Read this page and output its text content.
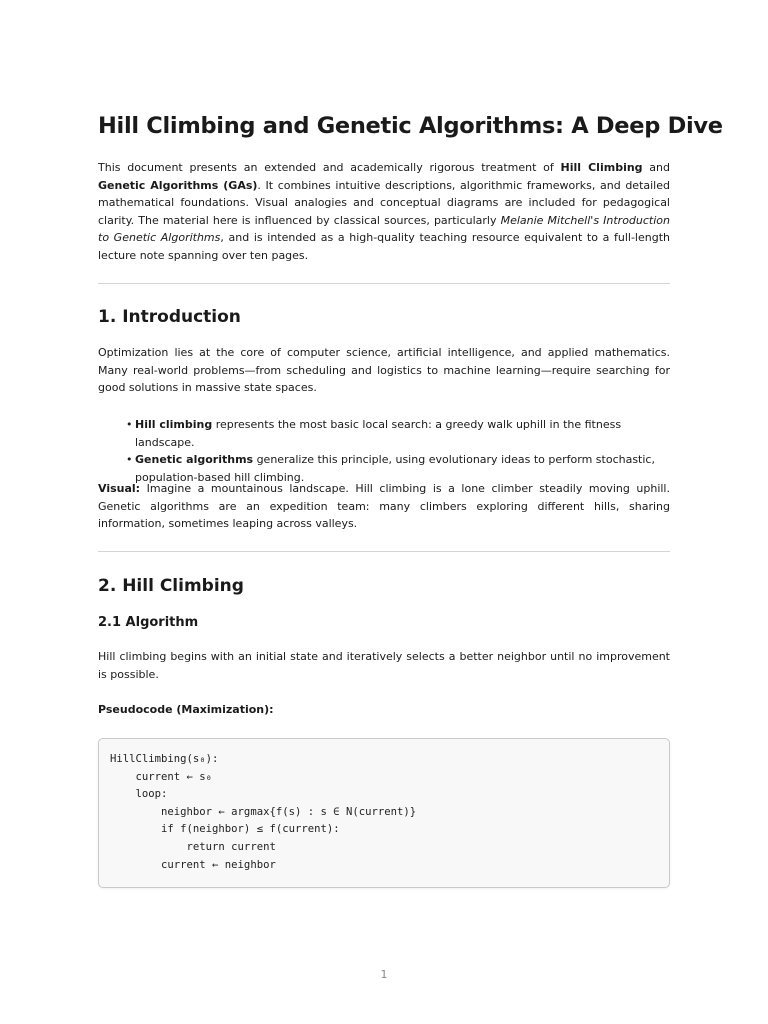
Hill Climbing and Genetic Algorithms: A Deep Dive

This document presents an extended and academically rigorous treatment of Hill Climbing and Genetic Algorithms (GAs). It combines intuitive descriptions, algorithmic frameworks, and detailed mathematical foundations. Visual analogies and conceptual diagrams are included for pedagogical clarity. The material here is influenced by classical sources, particularly Melanie Mitchell's Introduction to Genetic Algorithms, and is intended as a high-quality teaching resource equivalent to a full-length lecture note spanning over ten pages.

1. Introduction

Optimization lies at the core of computer science, artificial intelligence, and applied mathematics. Many real-world problems—from scheduling and logistics to machine learning—require searching for good solutions in massive state spaces.

• Hill climbing represents the most basic local search: a greedy walk uphill in the fitness landscape.
• Genetic algorithms generalize this principle, using evolutionary ideas to perform stochastic, population-based hill climbing.

Visual: Imagine a mountainous landscape. Hill climbing is a lone climber steadily moving uphill. Genetic algorithms are an expedition team: many climbers exploring different hills, sharing information, sometimes leaping across valleys.

2. Hill Climbing
2.1 Algorithm

Hill climbing begins with an initial state and iteratively selects a better neighbor until no improvement is possible.

Pseudocode (Maximization):
HillClimbing(s₀):
current ← s₀
loop:
neighbor ← argmax{f(s) : s ∈ N(current)}
if f(neighbor) ≤ f(current):
return current
current ← neighbor
1
